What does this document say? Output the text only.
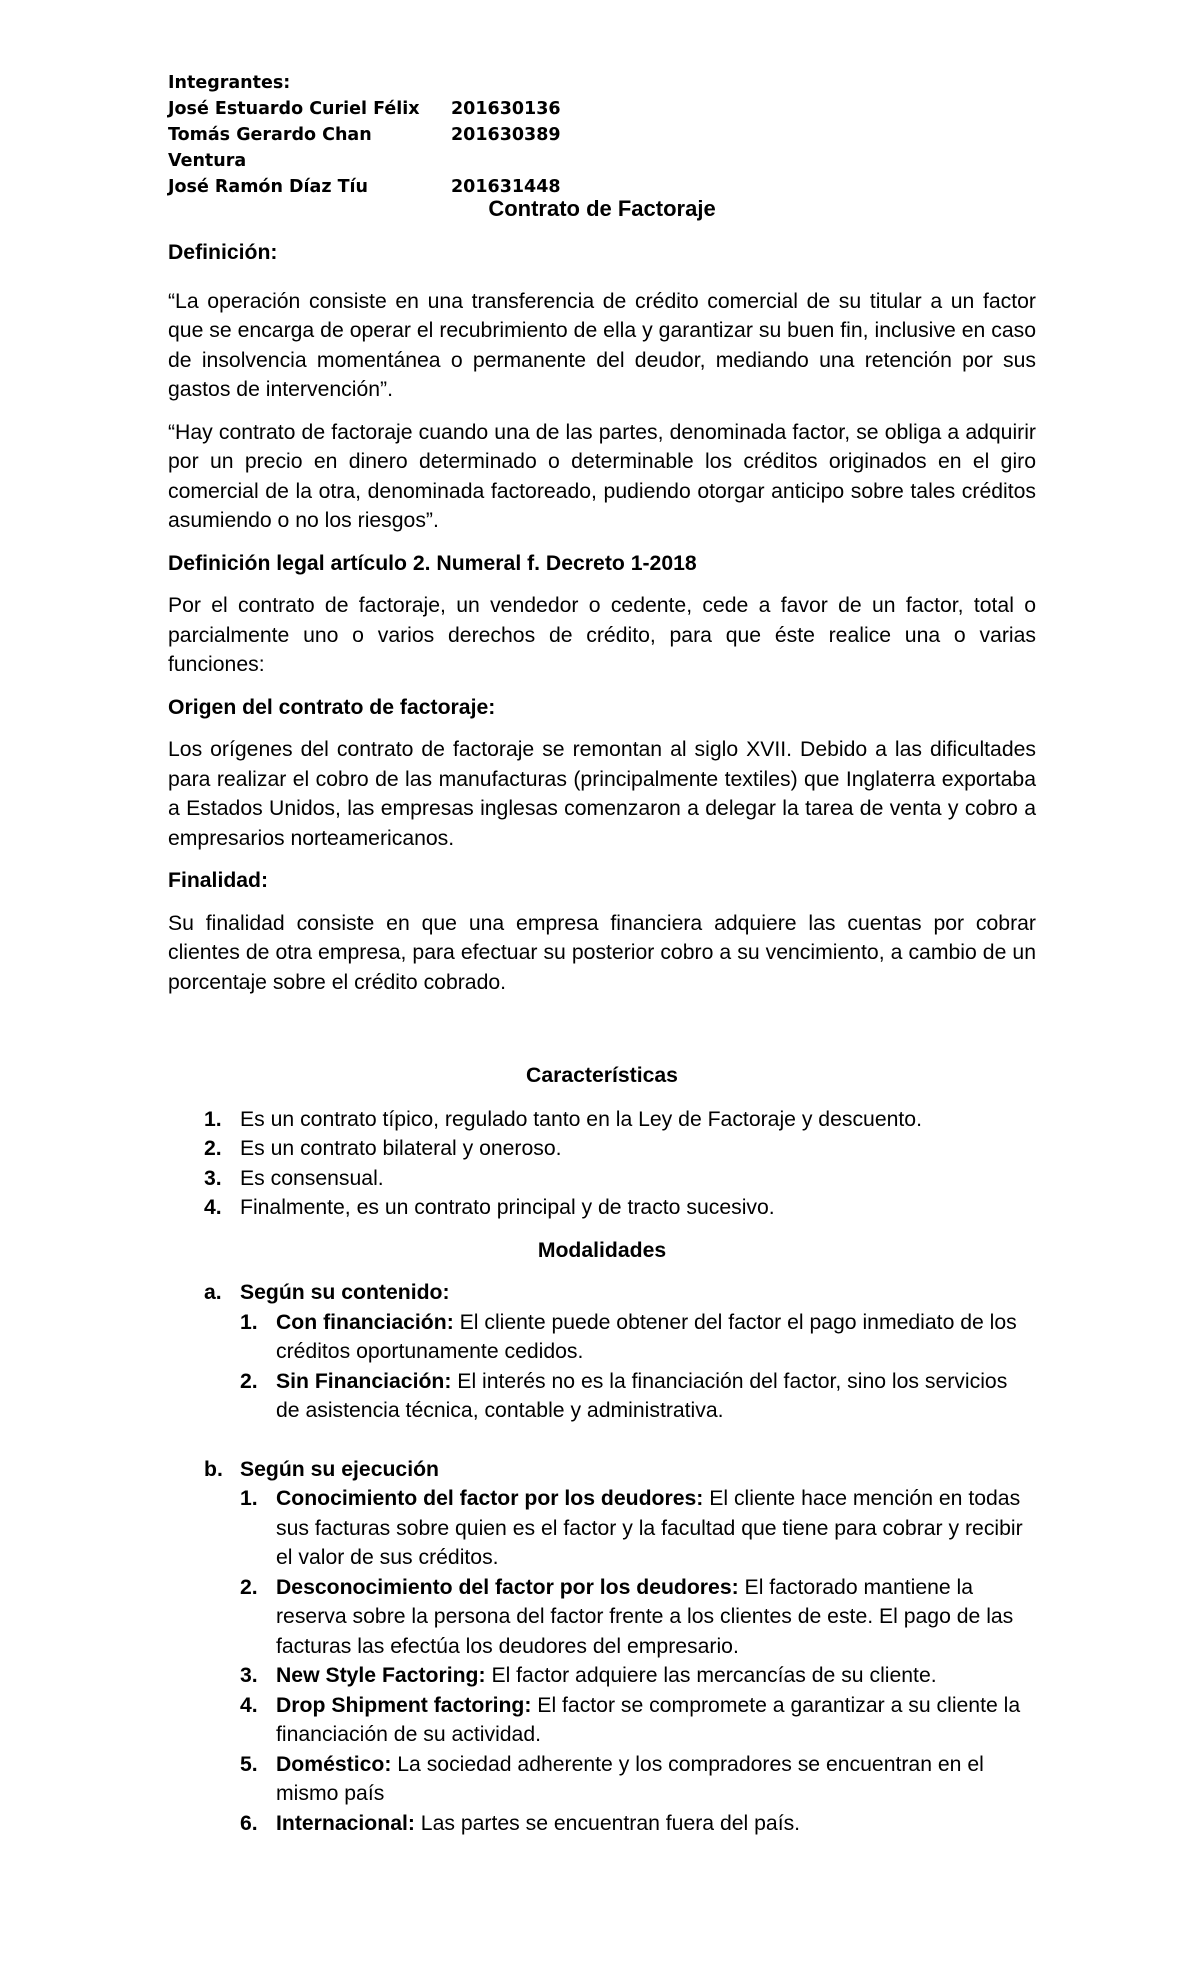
Integrantes:
José Estuardo Curiel Félix	201630136
Tomás Gerardo Chan Ventura
201630389
José Ramón Díaz Tíu	201631448
Contrato de Factoraje

Definición:

“La operación consiste en una transferencia de crédito comercial de su titular a un factor que se encarga de operar el recubrimiento de ella y garantizar su buen fin, inclusive en caso de insolvencia momentánea o permanente del deudor, mediando una retención por sus gastos de intervención”.

“Hay contrato de factoraje cuando una de las partes, denominada factor, se obliga a adquirir por un precio en dinero determinado o determinable los créditos originados en el giro comercial de la otra, denominada factoreado, pudiendo otorgar anticipo sobre tales créditos asumiendo o no los riesgos”.

Definición legal artículo 2. Numeral f. Decreto 1-2018

Por el contrato de factoraje, un vendedor o cedente, cede a favor de un factor, total o parcialmente uno o varios derechos de crédito, para que éste realice una o varias funciones:

Origen del contrato de factoraje:

Los orígenes del contrato de factoraje se remontan al siglo XVII. Debido a las dificultades para realizar el cobro de las manufacturas (principalmente textiles) que Inglaterra exportaba a Estados Unidos, las empresas inglesas comenzaron a delegar la tarea de venta y cobro a empresarios norteamericanos.

Finalidad:

Su finalidad consiste en que una empresa financiera adquiere las cuentas por cobrar clientes de otra empresa, para efectuar su posterior cobro a su vencimiento, a cambio de un porcentaje sobre el crédito cobrado.

Características

1. Es un contrato típico, regulado tanto en la Ley de Factoraje y descuento.
2. Es un contrato bilateral y oneroso.
3. Es consensual.
4. Finalmente, es un contrato principal y de tracto sucesivo.

Modalidades

a. Según su contenido:
1. Con financiación: El cliente puede obtener del factor el pago inmediato de los créditos oportunamente cedidos.
2. Sin Financiación: El interés no es la financiación del factor, sino los servicios de asistencia técnica, contable y administrativa.
b. Según su ejecución
1. Conocimiento del factor por los deudores: El cliente hace mención en todas sus facturas sobre quien es el factor y la facultad que tiene para cobrar y recibir el valor de sus créditos.
2. Desconocimiento del factor por los deudores: El factorado mantiene la reserva sobre la persona del factor frente a los clientes de este. El pago de las facturas las efectúa los deudores del empresario.
3. New Style Factoring: El factor adquiere las mercancías de su cliente.
4. Drop Shipment factoring: El factor se compromete a garantizar a su cliente la financiación de su actividad.
5. Doméstico: La sociedad adherente y los compradores se encuentran en el mismo país
6. Internacional: Las partes se encuentran fuera del país.
